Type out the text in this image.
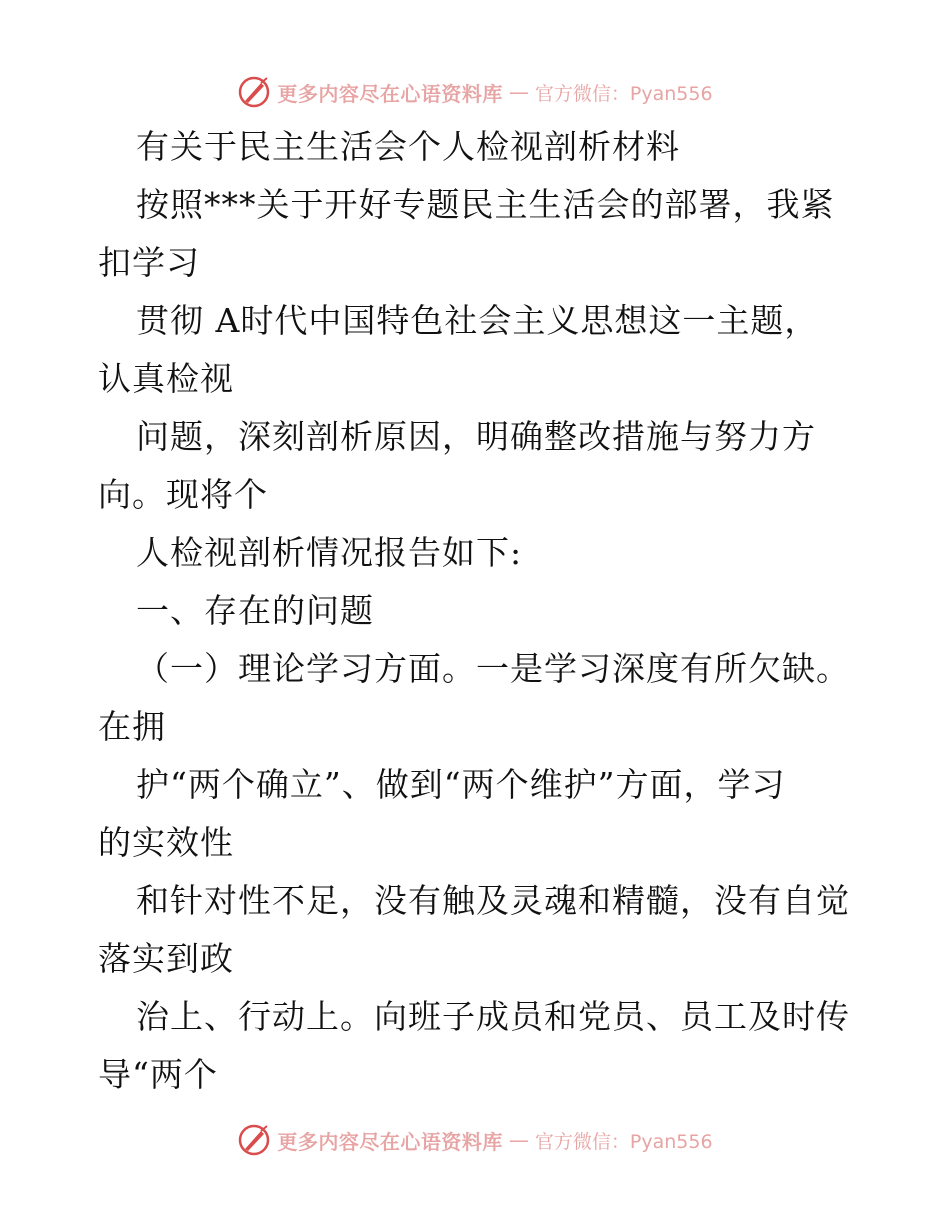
更多内容尽在心语资料库 — 官方微信：Pyan556
有关于民主生活会个人检视剖析材料
按照***关于开好专题民主生活会的部署，我紧
扣学习
贯彻 A时代中国特色社会主义思想这一主题，
认真检视
问题，深刻剖析原因，明确整改措施与努力方
向。现将个
人检视剖析情况报告如下:
一、存在的问题
（一）理论学习方面。一是学习深度有所欠缺。
在拥
护“两个确立”、做到“两个维护”方面，学习
的实效性
和针对性不足，没有触及灵魂和精髓，没有自觉
落实到政
治上、行动上。向班子成员和党员、员工及时传
导“两个
更多内容尽在心语资料库 — 官方微信：Pyan556
